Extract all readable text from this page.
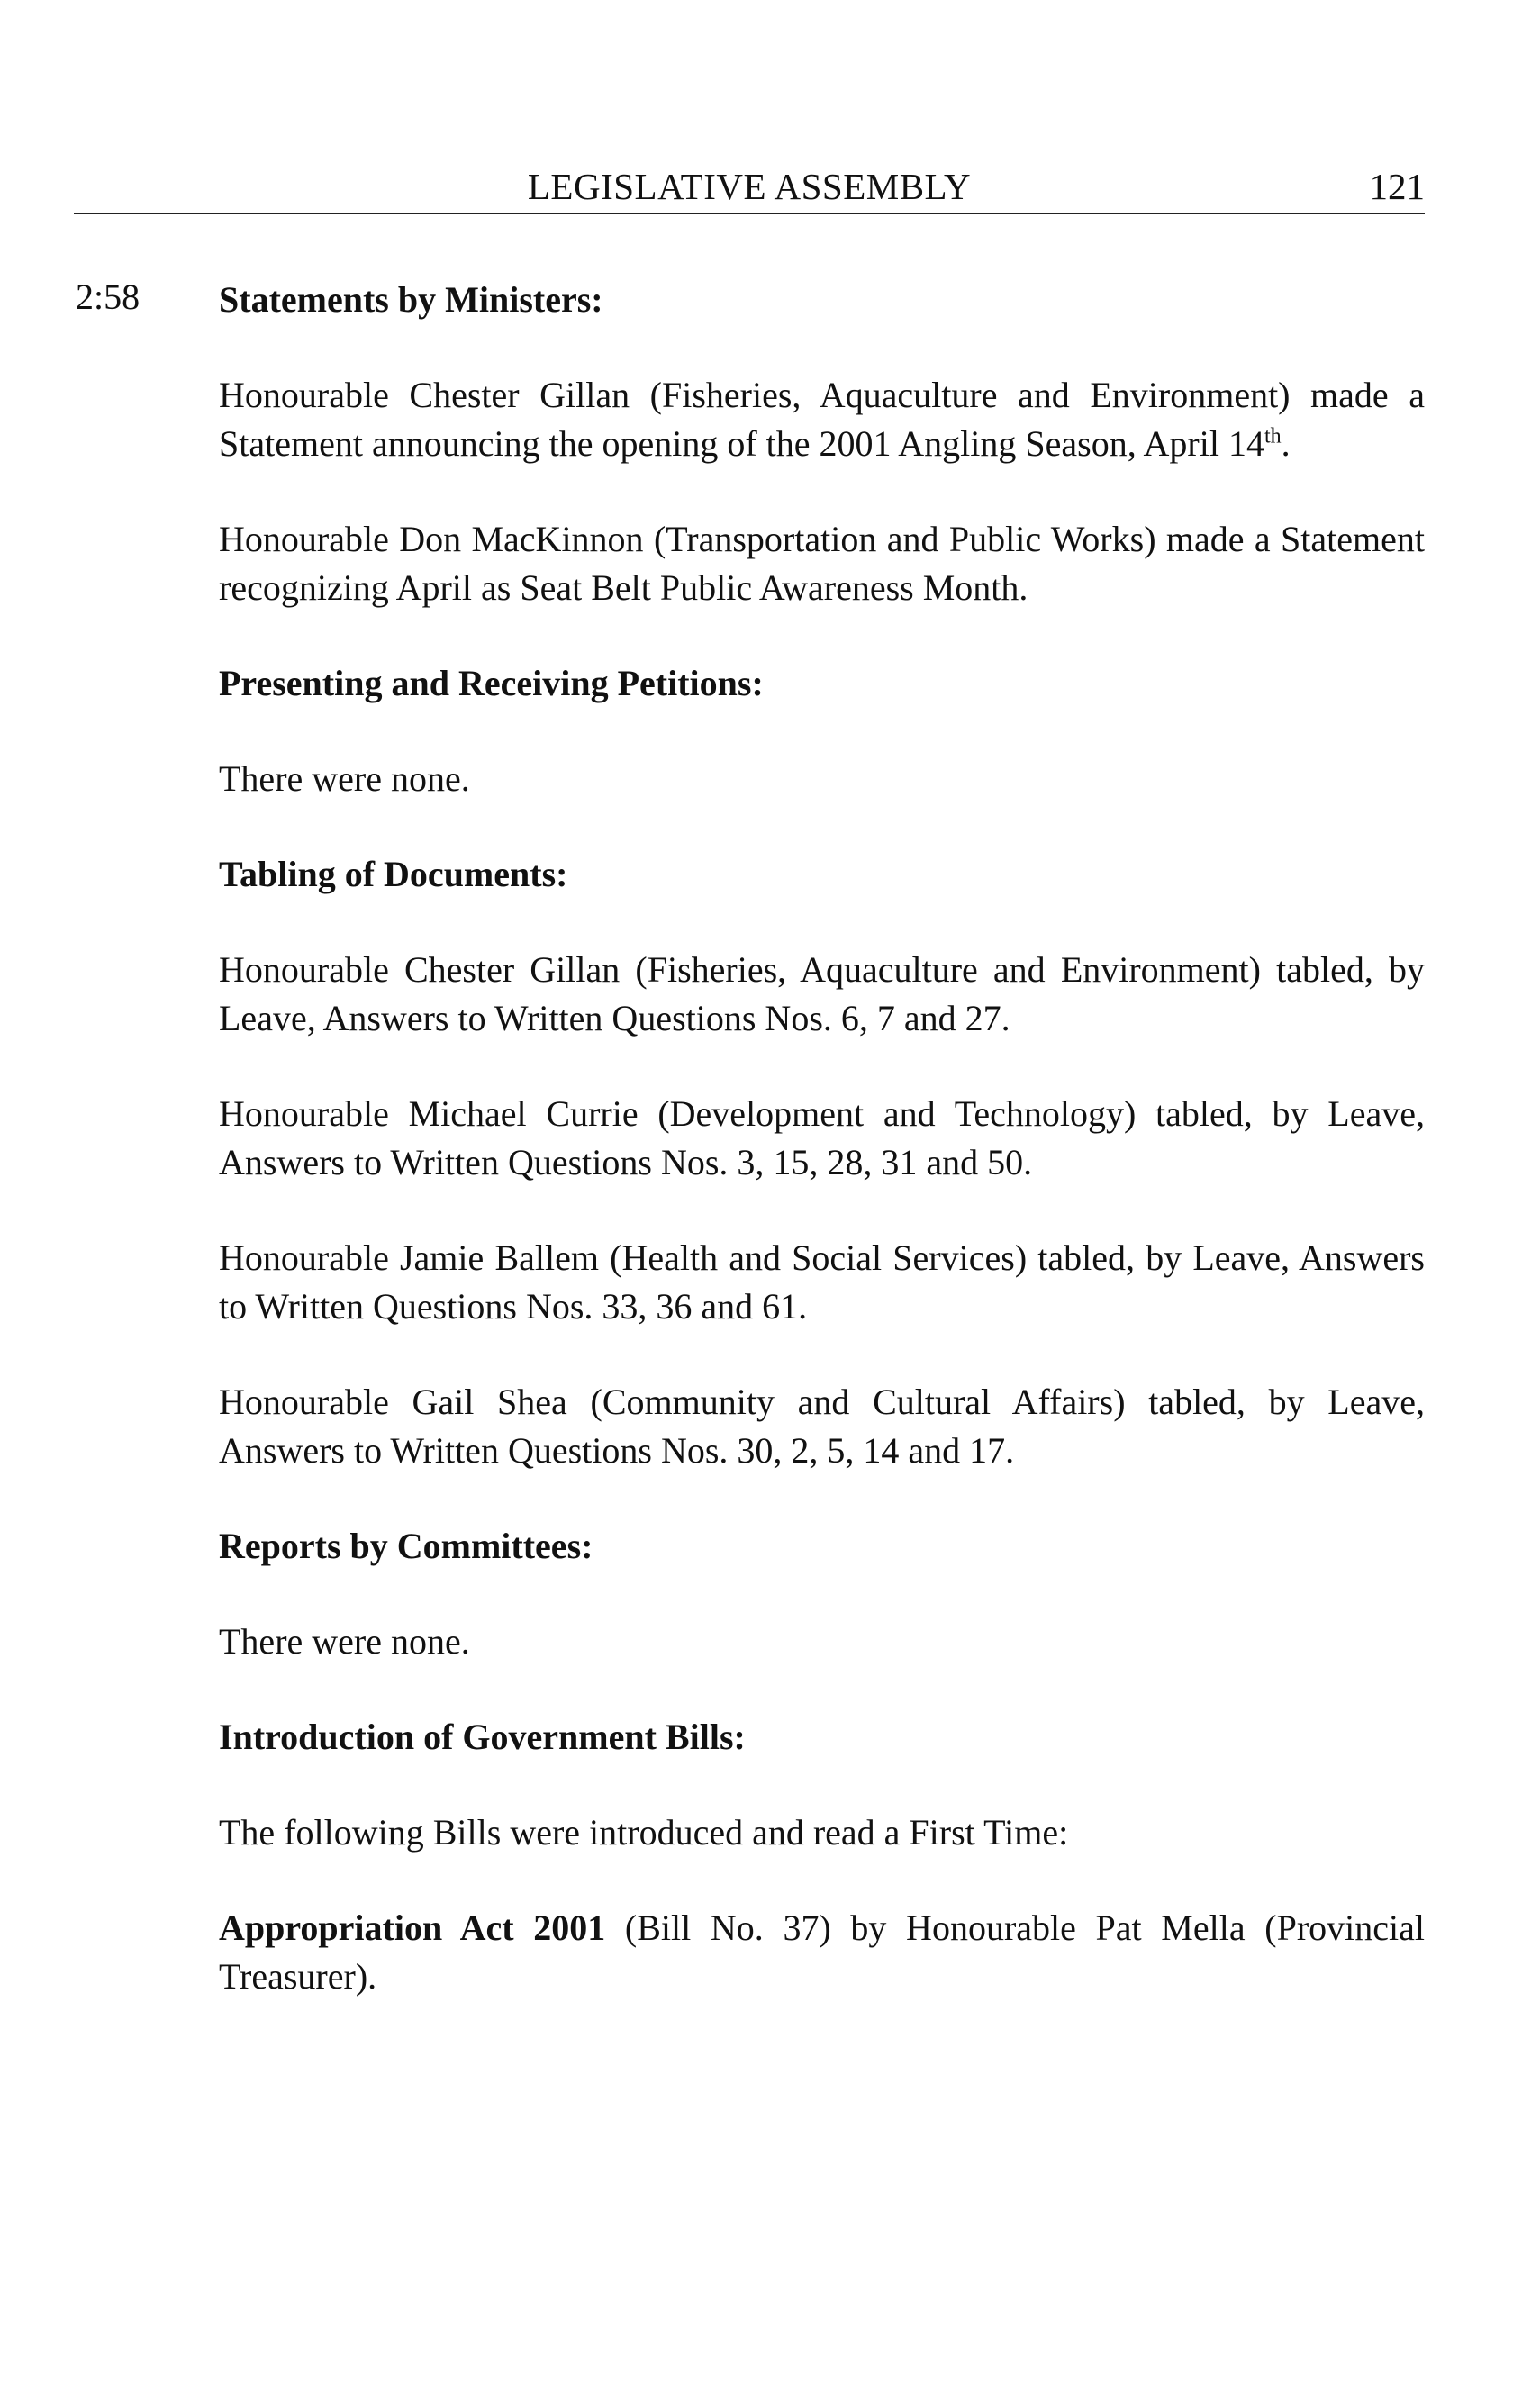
LEGISLATIVE ASSEMBLY	121
2:58 Statements by Ministers:
Honourable Chester Gillan (Fisheries, Aquaculture and Environment) made a Statement announcing the opening of the 2001 Angling Season, April 14th.
Honourable Don MacKinnon (Transportation and Public Works) made a Statement recognizing April as Seat Belt Public Awareness Month.
Presenting and Receiving Petitions:
There were none.
Tabling of Documents:
Honourable Chester Gillan (Fisheries, Aquaculture and Environment) tabled, by Leave, Answers to Written Questions Nos. 6, 7 and 27.
Honourable Michael Currie (Development and Technology) tabled, by Leave, Answers to Written Questions Nos. 3, 15, 28, 31 and 50.
Honourable Jamie Ballem (Health and Social Services) tabled, by Leave, Answers to Written Questions Nos. 33, 36 and 61.
Honourable Gail Shea (Community and Cultural Affairs) tabled, by Leave, Answers to Written Questions Nos. 30, 2, 5, 14 and 17.
Reports by Committees:
There were none.
Introduction of Government Bills:
The following Bills were introduced and read a First Time:
Appropriation Act 2001 (Bill No. 37) by Honourable Pat Mella (Provincial Treasurer).
